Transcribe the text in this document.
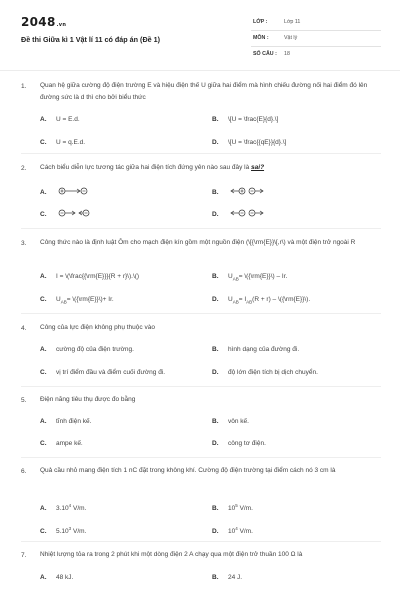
2048.vn
Đề thi Giữa kì 1 Vật lí 11 có đáp án (Đề 1)
LỚP :	Lớp 11
MÔN :	Vật lý
SỐ CÂU : 18
1. Quan hệ giữa cường độ điện trường E và hiệu điện thế U giữa hai điểm mà hình chiếu đường nối hai điểm đó lên đường sức là d thì cho bởi biểu thức
A. U = E.d.	B. \[U = \frac{E}{d}.\]
C. U = q.E.d.	D. \[U = \frac{{qE}}{d}.\]
2. Cách biểu diễn lực tương tác giữa hai điện tích đứng yên nào sau đây là sai?
A.	B.
C.	D.
3. Công thức nào là định luật Ôm cho mạch điện kín gồm một nguồn điện (\[{\rm{E}}\[,r\) và một điện trở ngoài R
A. I = \(\frac{{\rm{E}}}{R + r}\).\()	B. $U_{AB}=$ \({\rm{E}}\) – Ir.
C. $U_{AB}=$ \({\rm{E}}\)+ Ir.	D. $U_{AB}= I_{AB}(R + r)$ – \({\rm{E}}\).
4. Công của lực điện không phụ thuộc vào
A. cường độ của điện trường.	B. hình dạng của đường đi.
C. vị trí điểm đầu và điểm cuối đường đi.	D. độ lớn điện tích bị dịch chuyển.
5. Điện năng tiêu thụ được đo bằng
A. tĩnh điện kế.	B. vôn kế.
C. ampe kế.	D. công tơ điện.
6. Quả cầu nhỏ mang điện tích 1 nC đặt trong không khí. Cường độ điện trường tại điểm cách nó 3 cm là
A. 3.10$^4$ V/m.	B. $10^5$ V/m.
C. 5.10$^3$ V/m.	D. $10^4$ V/m.
7. Nhiệt lượng tỏa ra trong 2 phút khi một dòng điện 2 A chạy qua một điện trở thuần 100 Ω là
A. 48 kJ.	B. 24 J.
